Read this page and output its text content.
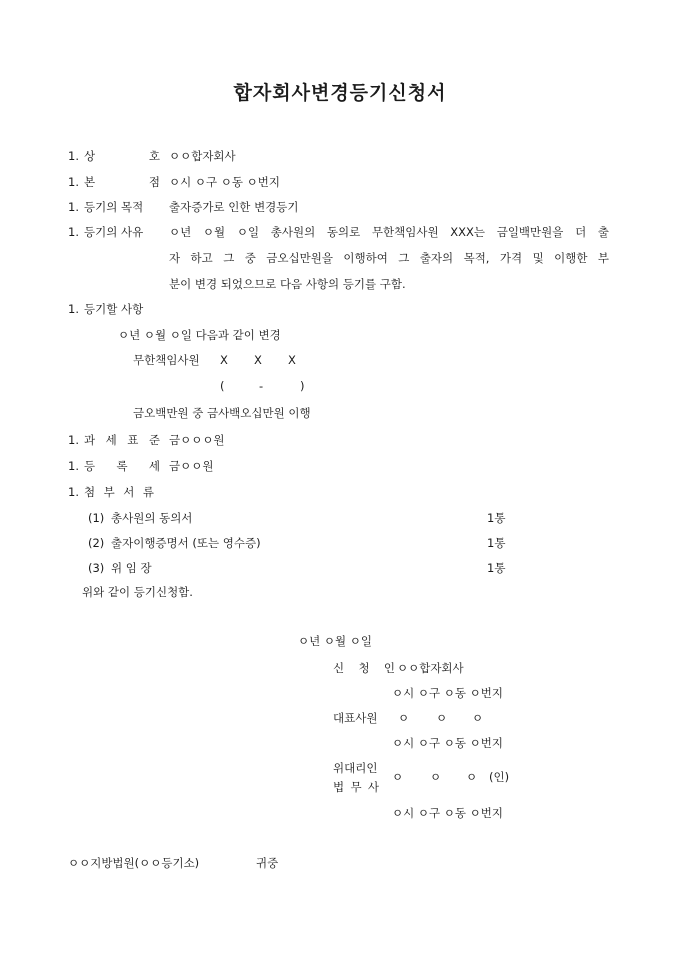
합자회사변경등기신청서
1. 상	호 ㅇㅇ합자회사
1. 본	점 ㅇ시 ㅇ구 ㅇ동 ㅇ번지
1. 등기의 목적 출자증가로 인한 변경등기
1. 등기의 사유 ㅇ년 ㅇ월 ㅇ일 총사원의 동의로 무한책임사원 XXX는 금일백만원을 더 출
자 하고 그 중 금오십만원을 이행하여 그 출자의 목적, 가격 및 이행한 부
분이 변경 되었으므로 다음 사항의 등기를 구함.
1. 등기할 사항
ㅇ년 ㅇ월 ㅇ일 다음과 같이 변경
무한책임사원 X X X
(	-	)
금오백만원 중 금사백오십만원 이행
1. 과 세 표 준 금ㅇㅇㅇ원
1. 등 록 세 금ㅇㅇ원
1. 첨 부 서 류
(1) 총사원의 동의서	1통
(2) 출자이행증명서 (또는 영수증)	1통
(3) 위 임 장	1통
위와 같이 등기신청함.
ㅇ년 ㅇ월 ㅇ일
신 청 인 ㅇㅇ합자회사
ㅇ시 ㅇ구 ㅇ동 ㅇ번지
대표사원 ㅇ ㅇ ㅇ
ㅇ시 ㅇ구 ㅇ동 ㅇ번지
위대리인
법 무 사
ㅇ ㅇ ㅇ (인)
ㅇ시 ㅇ구 ㅇ동 ㅇ번지
ㅇㅇ지방법원(ㅇㅇ등기소)	귀중
